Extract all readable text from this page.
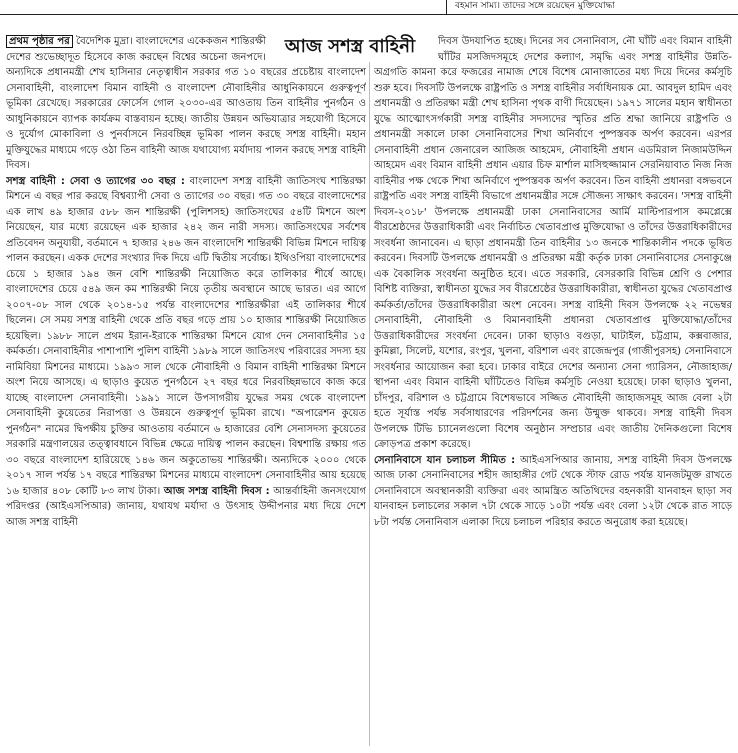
বহমান সাম্য। তাদের সঙ্গে রয়েছেন মুক্তিযোদ্ধা
আজ সশস্ত্র বাহিনী

প্রথম পৃষ্ঠার পর বৈদেশিক মুদ্রা। বাংলাদেশের একেকজন শান্তিরক্ষী দেশের শুভেচ্ছাদূত হিসেবে কাজ করছেন বিশ্বের অচেনা জনপদে। অন্যদিকে প্রধানমন্ত্রী শেখ হাসিনার নেতৃত্বাধীন সরকার গত ১০ বছরের প্রচেষ্টায় বাংলাদেশ সেনাবাহিনী, বাংলাদেশ বিমান বাহিনী ও বাংলাদেশ নৌবাহিনীর আধুনিকায়নে গুরুত্বপূর্ণ ভূমিকা রেখেছে। সরকারের ফোর্সেস গোল ২০৩০-এর আওতায় তিন বাহিনীর পুনর্গঠন ও আধুনিকায়নে ব্যাপক কার্যক্রম বাস্তবায়ন হচ্ছে। জাতীয় উন্নয়ন অভিযাত্রার সহযোগী হিসেবে ও দুর্যোগ মোকাবিলা ও পুনর্বাসনে নিরবচ্ছিন্ন ভূমিকা পালন করছে সশস্ত্র বাহিনী। মহান মুক্তিযুদ্ধের মাধ্যমে গড়ে ওঠা তিন বাহিনী আজ যথাযোগ্য মর্যাদায় পালন করছে সশস্ত্র বাহিনী দিবস।

সশস্ত্র বাহিনী : সেবা ও ত্যাগের ৩০ বছর : বাংলাদেশ সশস্ত্র বাহিনী জাতিসংঘ শান্তিরক্ষা মিশনে এ বছর পার করছে বিশ্বব্যাপী সেবা ও ত্যাগের ৩০ বছর। গত ৩০ বছরে বাংলাদেশের এক লাখ ৪৯ হাজার ৫৮৮ জন শান্তিরক্ষী (পুলিশসহ) জাতিসংঘের ৫৪টি মিশনে অংশ নিয়েছেন, যার মধ্যে রয়েছেন এক হাজার ২৪২ জন নারী সদস্য। জাতিসংঘের সর্বশেষ প্রতিবেদন অনুযায়ী, বর্তমানে ৭ হাজার ২৪৬ জন বাংলাদেশি শান্তিরক্ষী বিভিন্ন মিশনে দায়িত্ব পালন করছেন। একক দেশের সংখ্যার দিক দিয়ে এটি দ্বিতীয় সর্বোচ্চ। ইথিওপিয়া বাংলাদেশের চেয়ে ১ হাজার ১৯৪ জন বেশি শান্তিরক্ষী নিয়োজিত করে তালিকার শীর্ষে আছে। বাংলাদেশের চেয়ে ৫৪৯ জন কম শান্তিরক্ষী নিয়ে তৃতীয় অবস্থানে আছে ভারত। এর আগে ২০০৭-০৮ সাল থেকে ২০১৪-১৫ পর্যন্ত বাংলাদেশের শান্তিরক্ষীরা এই তালিকার শীর্ষে ছিলেন। সে সময় সশস্ত্র বাহিনী থেকে প্রতি বছর গড়ে প্রায় ১০ হাজার শান্তিরক্ষী নিয়োজিত হয়েছিল। ১৯৮৮ সালে প্রথম ইরান-ইরাকে শান্তিরক্ষা মিশনে যোগ দেন সেনাবাহিনীর ১৫ কর্মকর্তা। সেনাবাহিনীর পাশাপাশি পুলিশ বাহিনী ১৯৮৯ সালে জাতিসংঘ পরিবারের সদস্য হয় নামিবিয়া মিশনের মাধ্যমে। ১৯৯৩ সাল থেকে নৌবাহিনী ও বিমান বাহিনী শান্তিরক্ষা মিশনে অংশ নিয়ে আসছে। এ ছাড়াও কুয়েত পুনর্গঠনে ২৭ বছর ধরে নিরবচ্ছিন্নভাবে কাজ করে যাচ্ছে বাংলাদেশ সেনাবাহিনী। ১৯৯১ সালে উপসাগরীয় যুদ্ধের সময় থেকে বাংলাদেশ সেনাবাহিনী কুয়েতের নিরাপত্তা ও উন্নয়নে গুরুত্বপূর্ণ ভূমিকা রাখে। "অপারেশন কুয়েত পুনর্গঠন" নামের দ্বিপক্ষীয় চুক্তির আওতায় বর্তমানে ৬ হাজারের বেশি সেনাসদস্য কুয়েতের সরকারি মন্ত্রণালয়ের তত্ত্বাবধানে বিভিন্ন ক্ষেত্রে দায়িত্ব পালন করছেন। বিশ্বশান্তি রক্ষায় গত ৩০ বছরে বাংলাদেশ হারিয়েছে ১৪৬ জন অকুতোভয় শান্তিরক্ষী। অন্যদিকে ২০০০ থেকে ২০১৭ সাল পর্যন্ত ১৭ বছরে শান্তিরক্ষা মিশনের মাধ্যমে বাংলাদেশ সেনাবাহিনীর আয় হয়েছে ১৬ হাজার ৪০৮ কোটি ৮৩ লাখ টাকা। আজ সশস্ত্র বাহিনী দিবস : আন্তর্বাহিনী জনসংযোগ পরিদপ্তর (আইএসপিআর) জানায়, যথাযথ মর্যাদা ও উৎসাহ উদ্দীপনার মধ্য দিয়ে দেশে আজ সশস্ত্র বাহিনী

দিবস উদযাপিত হচ্ছে। দিনের সব সেনানিবাস, নৌ ঘাঁটি এবং বিমান বাহিনী ঘাঁটির মসজিদসমূহে দেশের কল্যাণ, সমৃদ্ধি এবং সশস্ত্র বাহিনীর উন্নতি-অগ্রগতি কামনা করে ফজরের নামাজ শেষে বিশেষ মোনাজাতের মধ্য দিয়ে দিনের কর্মসূচি শুরু হবে। দিবসটি উপলক্ষে রাষ্ট্রপতি ও সশস্ত্র বাহিনীর সর্বাধিনায়ক মো. আবদুল হামিদ এবং প্রধানমন্ত্রী ও প্রতিরক্ষা মন্ত্রী শেখ হাসিনা পৃথক বাণী দিয়েছেন। ১৯৭১ সালের মহান স্বাধীনতা যুদ্ধে আত্মোৎসর্গকারী সশস্ত্র বাহিনীর সদস্যদের স্মৃতির প্রতি শ্রদ্ধা জানিয়ে রাষ্ট্রপতি ও প্রধানমন্ত্রী সকালে ঢাকা সেনানিবাসের শিখা অনির্বাণে পুষ্পস্তবক অর্পণ করবেন। এরপর সেনাবাহিনী প্রধান জেনারেল আজিজ আহমেদ, নৌবাহিনী প্রধান এডমিরাল নিজামউদ্দিন আহমেদ এবং বিমান বাহিনী প্রধান এয়ার চিফ মার্শাল মাসিহুজ্জামান সেরনিয়াবাত নিজ নিজ বাহিনীর পক্ষ থেকে শিখা অনির্বাণে পুষ্পস্তবক অর্পণ করবেন। তিন বাহিনী প্রধানরা বঙ্গভবনে রাষ্ট্রপতি এবং সশস্ত্র বাহিনী বিভাগে প্রধানমন্ত্রীর সঙ্গে সৌজন্য সাক্ষাৎ করবেন। 'সশস্ত্র বাহিনী দিবস-২০১৮' উপলক্ষে প্রধানমন্ত্রী ঢাকা সেনানিবাসের আর্মি মাল্টিপারপাস কমপ্লেক্সে বীরশ্রেষ্ঠদের উত্তরাধিকারী এবং নির্বাচিত খেতাবপ্রাপ্ত মুক্তিযোদ্ধা ও তাঁদের উত্তরাধিকারীদের সংবর্ধনা জানাবেন। এ ছাড়া প্রধানমন্ত্রী তিন বাহিনীর ১৩ জনকে শান্তিকালীন পদকে ভূষিত করবেন। দিবসটি উপলক্ষে প্রধানমন্ত্রী ও প্রতিরক্ষা মন্ত্রী কর্তৃক ঢাকা সেনানিবাসের সেনাকুঞ্জে এক বৈকালিক সংবর্ধনা অনুষ্ঠিত হবে। এতে সরকারি, বেসরকারি বিভিন্ন শ্রেণি ও পেশার বিশিষ্ট ব্যক্তিরা, স্বাধীনতা যুদ্ধের সব বীরশ্রেষ্ঠের উত্তরাধিকারীরা, স্বাধীনতা যুদ্ধের খেতাবপ্রাপ্ত কর্মকর্তা/তাঁদের উত্তরাধিকারীরা অংশ নেবেন। সশস্ত্র বাহিনী দিবস উপলক্ষে ২২ নভেম্বর সেনাবাহিনী, নৌবাহিনী ও বিমানবাহিনী প্রধানরা খেতাবপ্রাপ্ত মুক্তিযোদ্ধা/তাঁদের উত্তরাধিকারীদের সংবর্ধনা দেবেন। ঢাকা ছাড়াও বগুড়া, ঘাটাইল, চট্টগ্রাম, কক্সবাজার, কুমিল্লা, সিলেট, যশোর, রংপুর, খুলনা, বরিশাল এবং রাজেন্দ্রপুর (গাজীপুরসহ) সেনানিবাসে সংবর্ধনার আয়োজন করা হবে। ঢাকার বাইরে দেশের অন্যান্য সেনা গ্যারিসন, নৌজাহাজ/স্থাপনা এবং বিমান বাহিনী ঘাঁটিতেও বিভিন্ন কর্মসূচি নেওয়া হয়েছে। ঢাকা ছাড়াও খুলনা, চাঁদপুর, বরিশাল ও চট্টগ্রামে বিশেষভাবে সজ্জিত নৌবাহিনী জাহাজসমূহ আজ বেলা ২টা হতে সূর্যাস্ত পর্যন্ত সর্বসাধারণের পরিদর্শনের জন্য উন্মুক্ত থাকবে। সশস্ত্র বাহিনী দিবস উপলক্ষে টিভি চ্যানেলগুলো বিশেষ অনুষ্ঠান সম্প্রচার এবং জাতীয় দৈনিকগুলো বিশেষ ক্রোড়পত্র প্রকাশ করেছে।

সেনানিবাসে যান চলাচল সীমিত : আইএসপিআর জানায়, সশস্ত্র বাহিনী দিবস উপলক্ষে আজ ঢাকা সেনানিবাসের শহীদ জাহাঙ্গীর গেট থেকে স্টাফ রোড পর্যন্ত যানজটমুক্ত রাখতে সেনানিবাসে অবস্থানকারী ব্যক্তিরা এবং আমন্ত্রিত অতিথিদের বহনকারী যানবাহন ছাড়া সব যানবাহন চলাচলের সকাল ৭টা থেকে সাড়ে ১০টা পর্যন্ত এবং বেলা ১২টা থেকে রাত সাড়ে ৮টা পর্যন্ত সেনানিবাস এলাকা দিয়ে চলাচল পরিহার করতে অনুরোধ করা হয়েছে।
